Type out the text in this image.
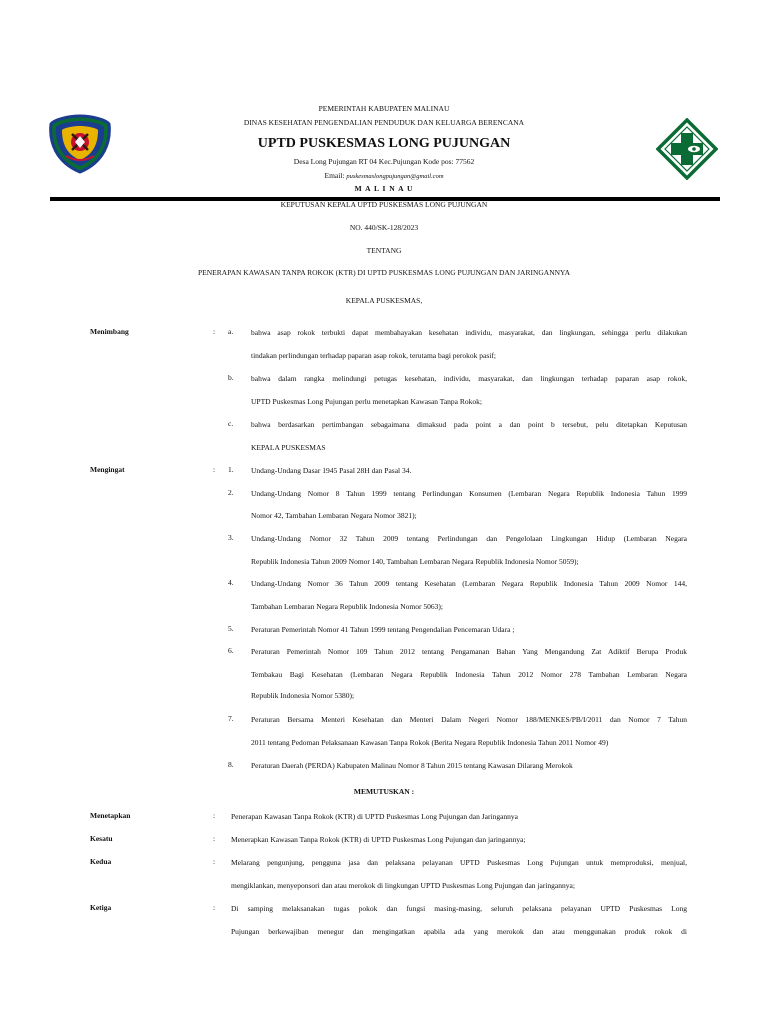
PEMERINTAH KABUPATEN MALINAU
DINAS KESEHATAN PENGENDALIAN PENDUDUK DAN KELUARGA BERENCANA
UPTD PUSKESMAS LONG PUJUNGAN
Desa Long Pujungan RT 04 Kec.Pujungan Kode pos: 77562
Email: puskesmaslongpujungan@gmail.com
M A L I N A U
KEPUTUSAN KEPALA UPTD PUSKESMAS LONG PUJUNGAN
NO. 440/SK-128/2023
TENTANG
PENERAPAN KAWASAN TANPA ROKOK (KTR) DI UPTD PUSKESMAS LONG PUJUNGAN DAN JARINGANNYA
KEPALA PUSKESMAS,
Menimbang	: a. bahwa asap rokok terbukti dapat membahayakan kesehatan individu, masyarakat, dan lingkungan, sehingga perlu dilakukan
tindakan perlindungan terhadap paparan asap rokok, terutama bagi perokok pasif;
b. bahwa dalam rangka melindungi petugas kesehatan, individu, masyarakat, dan lingkungan terhadap paparan asap rokok,
UPTD Puskesmas Long Pujungan perlu menetapkan Kawasan Tanpa Rokok;
c. bahwa berdasarkan pertimbangan sebagaimana dimaksud pada point a dan point b tersebut, pelu ditetapkan Keputusan
KEPALA PUSKESMAS
Mengingat	: 1. Undang-Undang Dasar 1945 Pasal 28H dan Pasal 34.
2. Undang-Undang Nomor 8 Tahun 1999 tentang Perlindungan Konsumen (Lembaran Negara Republik Indonesia Tahun 1999
Nomor 42, Tambahan Lembaran Negara Nomor 3821);
3. Undang-Undang Nomor 32 Tahun 2009 tentang Perlindungan dan Pengelolaan Lingkungan Hidup (Lembaran Negara
Republik Indonesia Tahun 2009 Nomor 140, Tambahan Lembaran Negara Republik Indonesia Nomor 5059);
4. Undang-Undang Nomor 36 Tahun 2009 tentang Kesehatan (Lembaran Negara Republik Indonesia Tahun 2009 Nomor 144,
Tambahan Lembaran Negara Republik Indonesia Nomor 5063);
5. Peraturan Pemerintah Nomor 41 Tahun 1999 tentang Pengendalian Pencemaran Udara ;
6. Peraturan Pemerintah Nomor 109 Tahun 2012 tentang Pengamanan Bahan Yang Mengandung Zat Adiktif Berupa Produk
Tembakau Bagi Kesehatan (Lembaran Negara Republik Indonesia Tahun 2012 Nomor 278 Tambahan Lembaran Negara
Republik Indonesia Nomor 5380);
7. Peraturan Bersama Menteri Kesehatan dan Menteri Dalam Negeri Nomor 188/MENKES/PB/I/2011 dan Nomor 7 Tahun
2011 tentang Pedoman Pelaksanaan Kawasan Tanpa Rokok (Berita Negara Republik Indonesia Tahun 2011 Nomor 49)
8. Peraturan Daerah (PERDA) Kabupaten Malinau Nomor 8 Tahun 2015 tentang Kawasan Dilarang Merokok
MEMUTUSKAN :
Menetapkan	: Penerapan Kawasan Tanpa Rokok (KTR) di UPTD Puskesmas Long Pujungan dan Jaringannya
Kesatu	: Menerapkan Kawasan Tanpa Rokok (KTR) di UPTD Puskesmas Long Pujungan dan jaringannya;
Kedua	: Melarang pengunjung, pengguna jasa dan pelaksana pelayanan UPTD Puskesmas Long Pujungan untuk memproduksi, menjual,
mengiklankan, menyeponsori dan atau merokok di lingkungan UPTD Puskesmas Long Pujungan dan jaringannya;
Ketiga	: Di samping melaksanakan tugas pokok dan fungsi masing-masing, seluruh pelaksana pelayanan UPTD Puskesmas Long
Pujungan berkewajiban menegur dan mengingatkan apabila ada yang merokok dan atau menggunakan produk rokok di
